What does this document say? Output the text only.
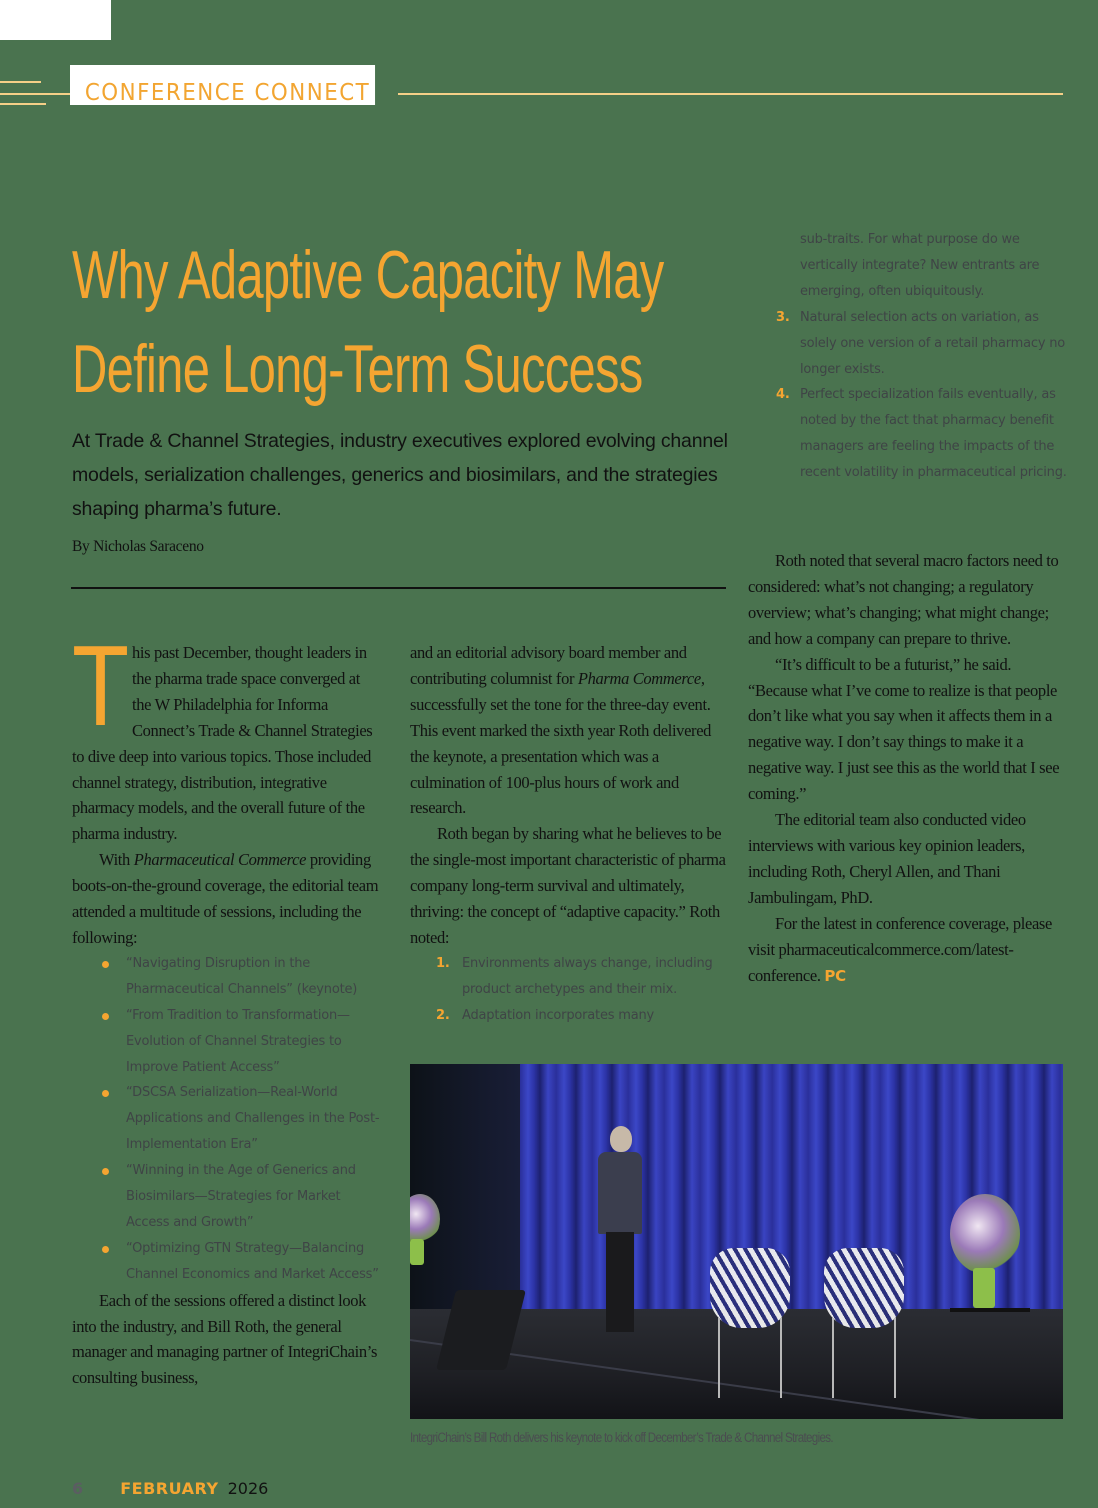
CONFERENCE CONNECT
Why Adaptive Capacity May
Define Long-Term Success

At Trade & Channel Strategies, industry executives explored evolving channel models, serialization challenges, generics and biosimilars, and the strategies shaping pharma’s future.

By Nicholas Saraceno

This past December, thought leaders in the pharma trade space converged at the W Philadelphia for Informa Connect’s Trade & Channel Strategies to dive deep into various topics. Those included channel strategy, distribution, integrative pharmacy models, and the overall future of the pharma industry.

With Pharmaceutical Commerce providing boots-on-the-ground coverage, the editorial team attended a multitude of sessions, including the following:

“Navigating Disruption in the Pharmaceutical Channels” (keynote)
“From Tradition to Transformation—Evolution of Channel Strategies to Improve Patient Access”
“DSCSA Serialization—Real-World Applications and Challenges in the Post-Implementation Era”
“Winning in the Age of Generics and Biosimilars—Strategies for Market Access and Growth”
“Optimizing GTN Strategy—Balancing Channel Economics and Market Access”

Each of the sessions offered a distinct look into the industry, and Bill Roth, the general manager and managing partner of IntegriChain’s consulting business,

and an editorial advisory board member and contributing columnist for Pharma Commerce, successfully set the tone for the three-day event. This event marked the sixth year Roth delivered the keynote, a presentation which was a culmination of 100-plus hours of work and research.

Roth began by sharing what he believes to be the single-most important characteristic of pharma company long-term survival and ultimately, thriving: the concept of “adaptive capacity.” Roth noted:

1. Environments always change, including product archetypes and their mix.
2. Adaptation incorporates many
sub-traits. For what purpose do we vertically integrate? New entrants are emerging, often ubiquitously.
3. Natural selection acts on variation, as solely one version of a retail pharmacy no longer exists.
4. Perfect specialization fails eventually, as noted by the fact that pharmacy benefit managers are feeling the impacts of the recent volatility in pharmaceutical pricing.

Roth noted that several macro factors need to considered: what’s not changing; a regulatory overview; what’s changing; what might change; and how a company can prepare to thrive.

“It’s difficult to be a futurist,” he said. “Because what I’ve come to realize is that people don’t like what you say when it affects them in a negative way. I don’t say things to make it a negative way. I just see this as the world that I see coming.”

The editorial team also conducted video interviews with various key opinion leaders, including Roth, Cheryl Allen, and Thani Jambulingam, PhD.

For the latest in conference coverage, please visit pharmaceuticalcommerce.com/latest-conference. PC

IntegriChain’s Bill Roth delivers his keynote to kick off December’s Trade & Channel Strategies.
6 FEBRUARY 2026
